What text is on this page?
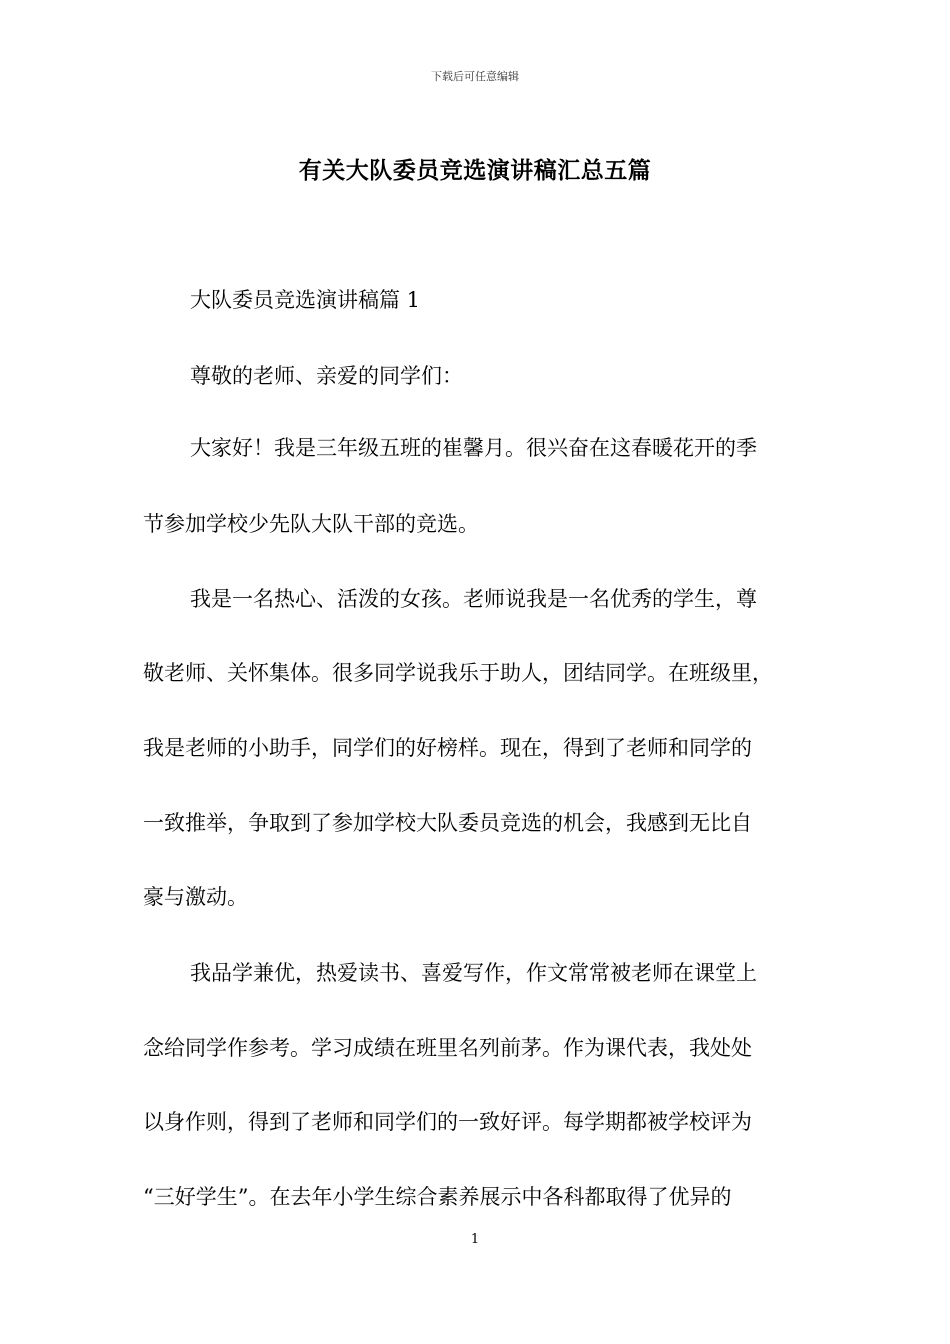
下载后可任意编辑
有关大队委员竞选演讲稿汇总五篇
大队委员竞选演讲稿篇 1
尊敬的老师、亲爱的同学们：
大家好！我是三年级五班的崔馨月。很兴奋在这春暖花开的季
节参加学校少先队大队干部的竞选。
我是一名热心、活泼的女孩。老师说我是一名优秀的学生，尊
敬老师、关怀集体。很多同学说我乐于助人，团结同学。在班级里，
我是老师的小助手，同学们的好榜样。现在，得到了老师和同学的
一致推举，争取到了参加学校大队委员竞选的机会，我感到无比自
豪与激动。
我品学兼优，热爱读书、喜爱写作，作文常常被老师在课堂上
念给同学作参考。学习成绩在班里名列前茅。作为课代表，我处处
以身作则，得到了老师和同学们的一致好评。每学期都被学校评为
“三好学生”。在去年小学生综合素养展示中各科都取得了优异的
1
